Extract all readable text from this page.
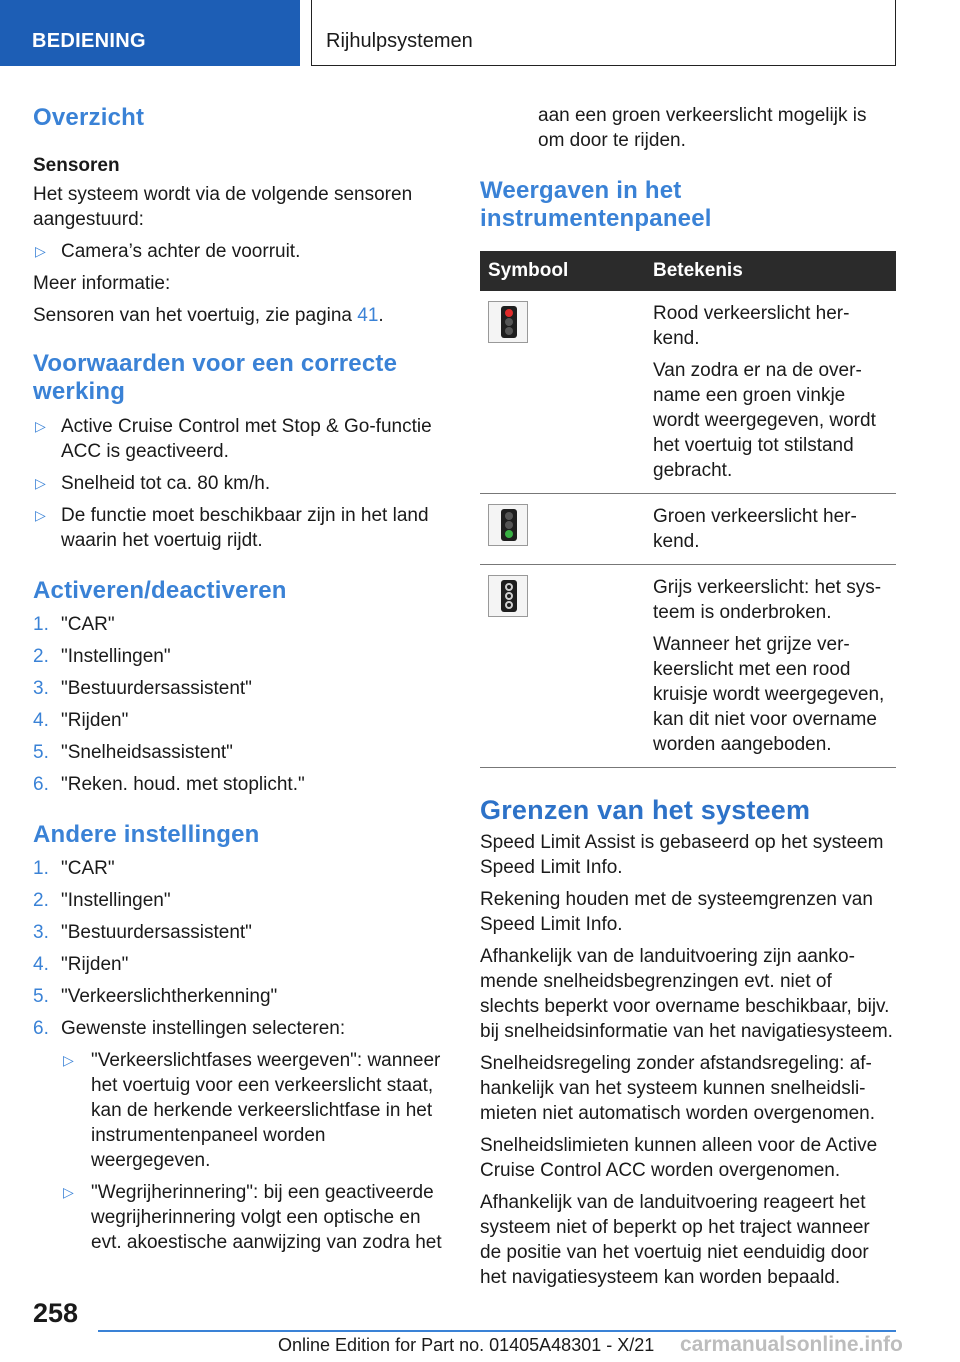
BEDIENING	Rijhulpsystemen
Overzicht
Sensoren

Het systeem wordt via de volgende sensoren aangestuurd:

▷ Camera’s achter de voorruit.

Meer informatie:

Sensoren van het voertuig, zie pagina 41.

Voorwaarden voor een correcte werking
▷ Active Cruise Control met Stop & Go-functie ACC is geactiveerd.
▷ Snelheid tot ca. 80 km/h.
▷ De functie moet beschikbaar zijn in het land waarin het voertuig rijdt.
Activeren/deactiveren
1. "CAR"
2. "Instellingen"
3. "Bestuurdersassistent"
4. "Rijden"
5. "Snelheidsassistent"
6. "Reken. houd. met stoplicht."
Andere instellingen
1. "CAR"
2. "Instellingen"
3. "Bestuurdersassistent"
4. "Rijden"
5. "Verkeerslichtherkenning"
6. Gewenste instellingen selecteren:
▷ "Verkeerslichtfases weergeven": wanneer het voertuig voor een verkeerslicht staat, kan de herkende verkeerslichtfase in het instrumentenpaneel worden weergegeven.
▷ "Wegrijherinnering": bij een geactiveerde wegrijherinnering volgt een optische en evt. akoestische aanwijzing van zodra het

aan een groen verkeerslicht mogelijk is om door te rijden.

Weergaven in het instrumentenpaneel
Symbool	Betekenis

	Rood verkeerslicht her-kend.

Van zodra er na de over-name een groen vinkje wordt weergegeven, wordt het voertuig tot stilstand gebracht.

	Groen verkeerslicht her-kend.

	Grijs verkeerslicht: het sys-teem is onderbroken.

Wanneer het grijze ver-keerslicht met een rood kruisje wordt weergegeven, kan dit niet voor overname worden aangeboden.

Grenzen van het systeem

Speed Limit Assist is gebaseerd op het systeem Speed Limit Info.

Rekening houden met de systeemgrenzen van Speed Limit Info.

Afhankelijk van de landuitvoering zijn aanko-mende snelheidsbegrenzingen evt. niet of slechts beperkt voor overname beschikbaar, bijv. bij snelheidsinformatie van het navigatiesysteem.

Snelheidsregeling zonder afstandsregeling: af-hankelijk van het systeem kunnen snelheidsli-mieten niet automatisch worden overgenomen.

Snelheidslimieten kunnen alleen voor de Active Cruise Control ACC worden overgenomen.

Afhankelijk van de landuitvoering reageert het systeem niet of beperkt op het traject wanneer de positie van het voertuig niet eenduidig door het navigatiesysteem kan worden bepaald.

258
Online Edition for Part no. 01405A48301 - X/21 carmanualsonline.info
